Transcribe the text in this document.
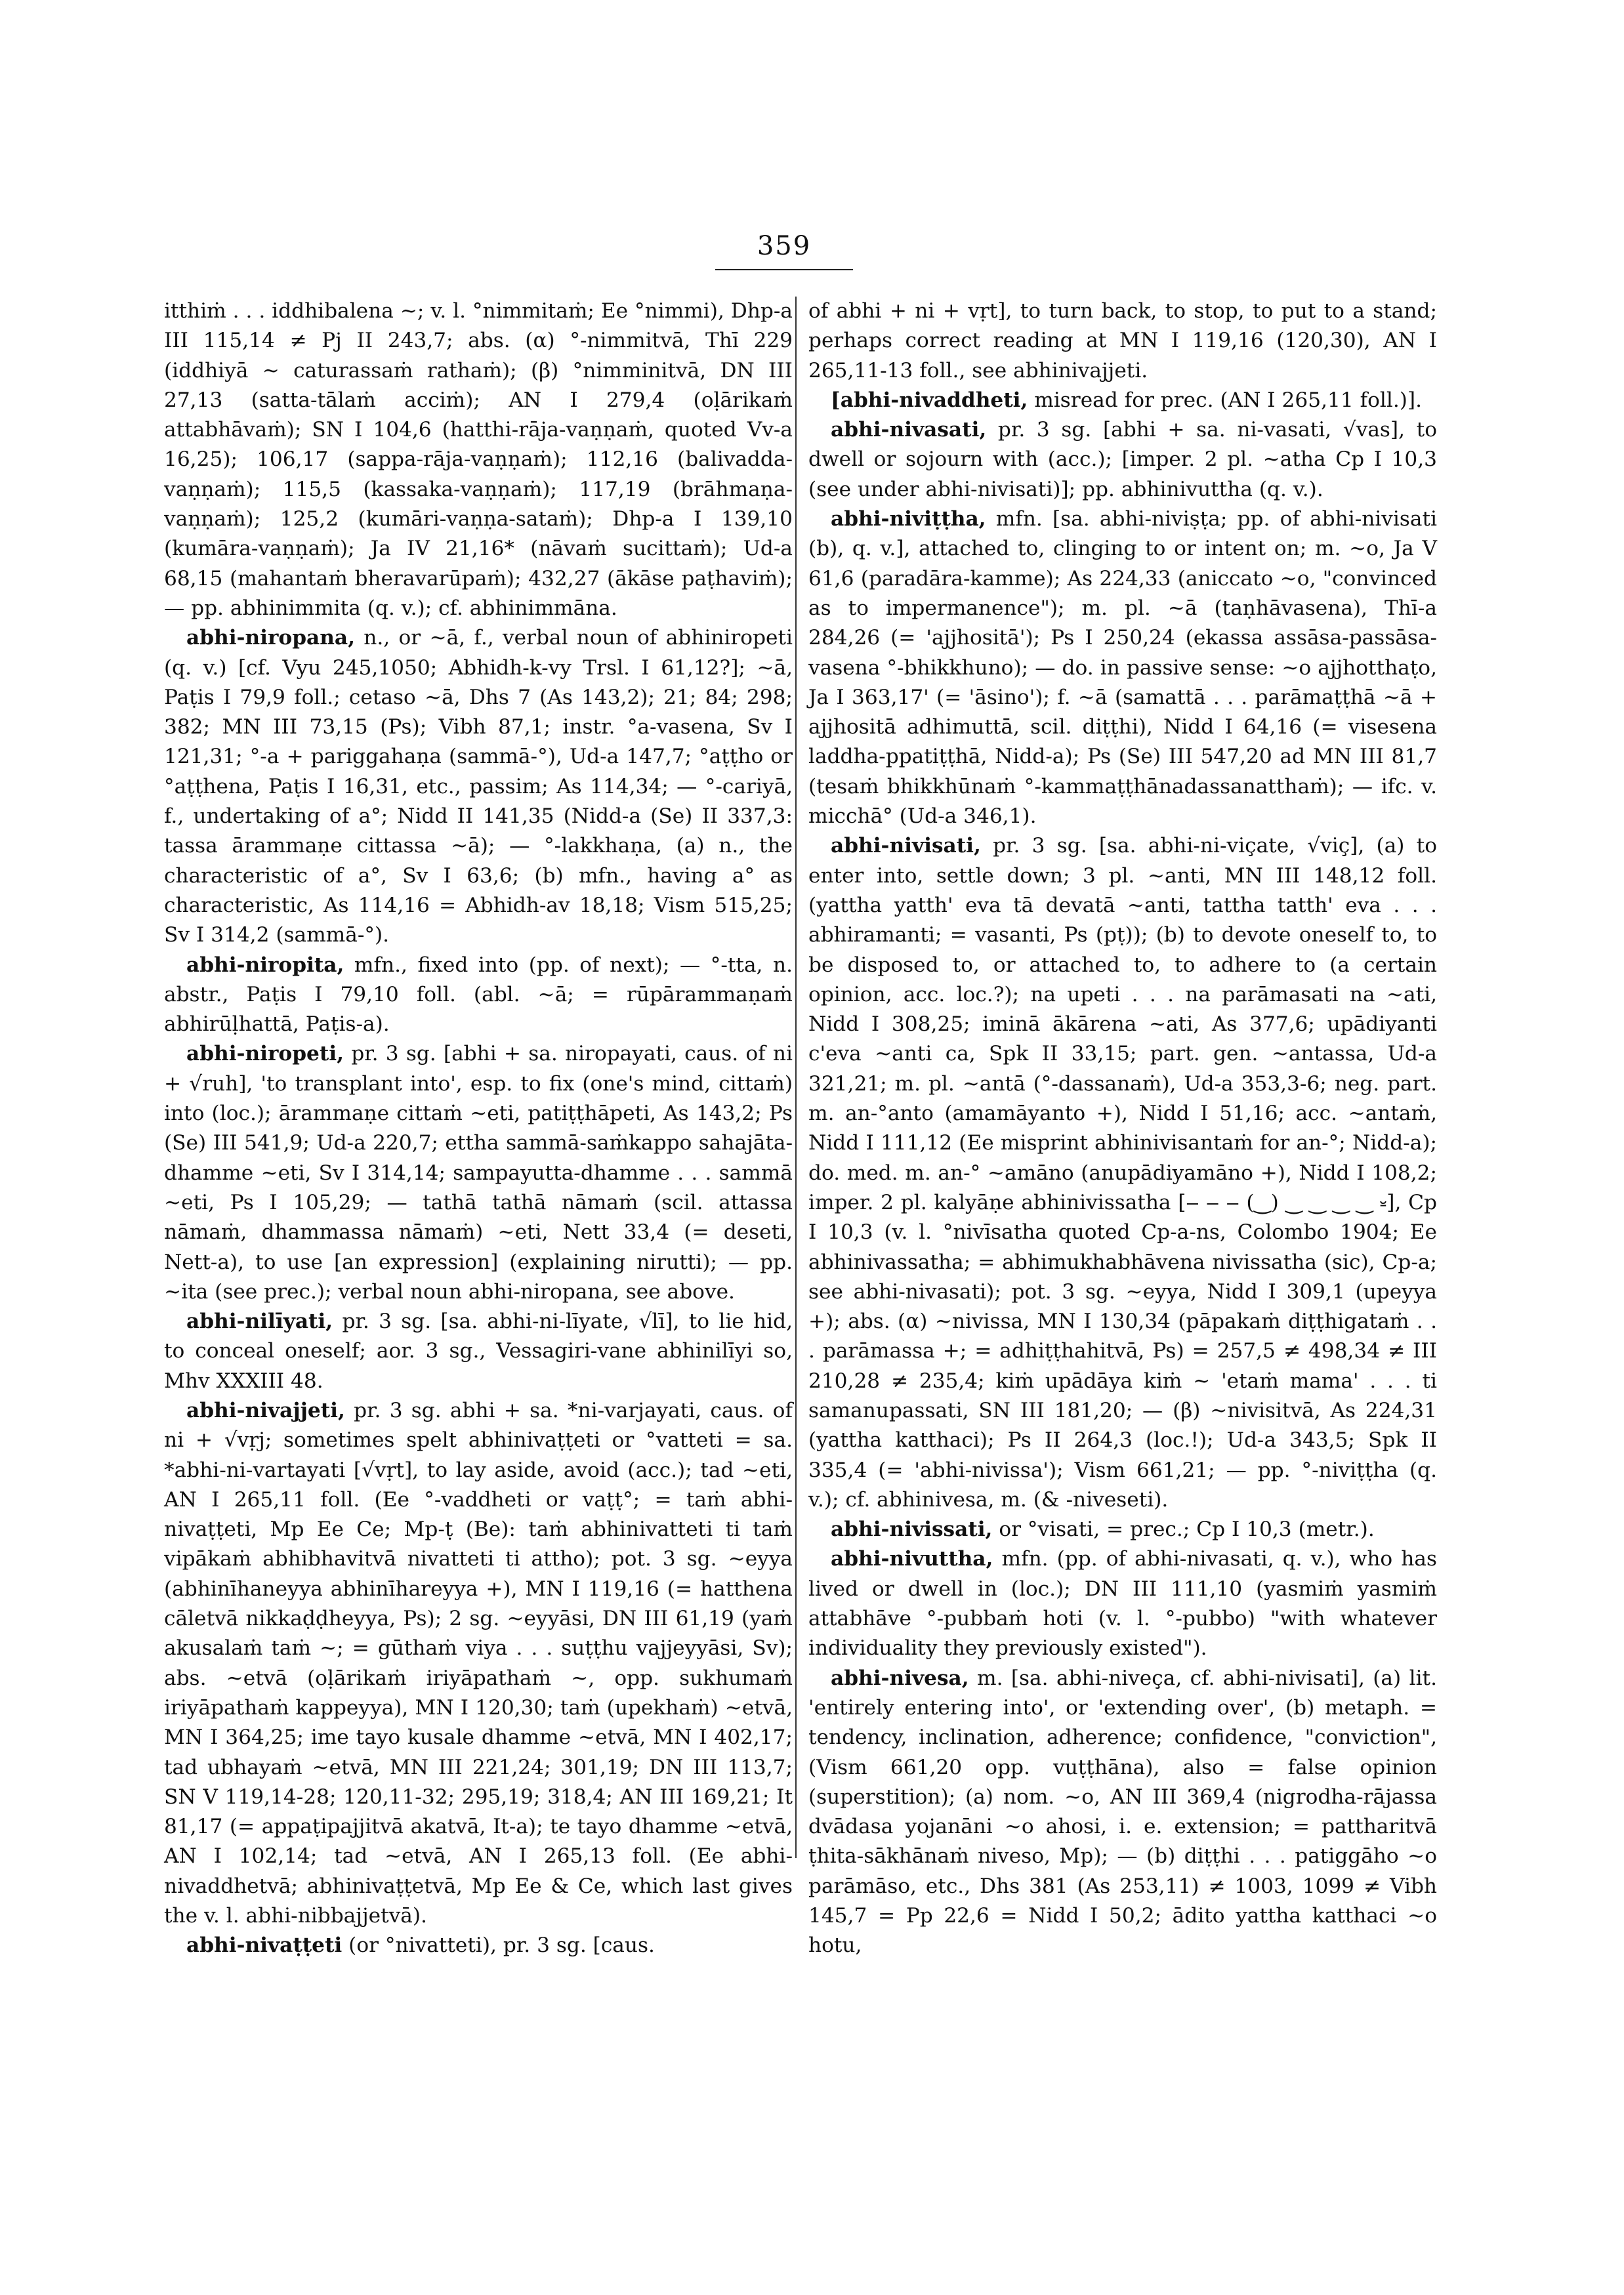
359

itthiṁ . . . iddhibalena ~; v. l. °nimmitaṁ; Ee °nimmi), Dhp-a III 115,14 ≠ Pj II 243,7; abs. (α) °-nimmitvā, Thī 229 (iddhiyā ~ caturassaṁ rathaṁ); (β) °nimminitvā, DN III 27,13 (satta-tālaṁ acciṁ); AN I 279,4 (oḷārikaṁ attabhāvaṁ); SN I 104,6 (hatthi-rāja-vaṇṇaṁ, quoted Vv-a 16,25); 106,17 (sappa-rāja-vaṇṇaṁ); 112,16 (balivadda-vaṇṇaṁ); 115,5 (kassaka-vaṇṇaṁ); 117,19 (brāhmaṇa-vaṇṇaṁ); 125,2 (kumāri-vaṇṇa-sataṁ); Dhp-a I 139,10 (kumāra-vaṇṇaṁ); Ja IV 21,16* (nāvaṁ sucittaṁ); Ud-a 68,15 (mahantaṁ bheravarūpaṁ); 432,27 (ākāse paṭhaviṁ); — pp. abhinimmita (q. v.); cf. abhinimmāna.

abhi-niropana, n., or ~ā, f., verbal noun of abhiniropeti (q. v.) [cf. Vyu 245,1050; Abhidh-k-vy Trsl. I 61,12?]; ~ā, Paṭis I 79,9 foll.; cetaso ~ā, Dhs 7 (As 143,2); 21; 84; 298; 382; MN III 73,15 (Ps); Vibh 87,1; instr. °a-vasena, Sv I 121,31; °-a + pariggahaṇa (sammā-°), Ud-a 147,7; °aṭṭho or °aṭṭhena, Paṭis I 16,31, etc., passim; As 114,34; — °-cariyā, f., undertaking of a°; Nidd II 141,35 (Nidd-a (Se) II 337,3: tassa ārammaṇe cittassa ~ā); — °-lakkhaṇa, (a) n., the characteristic of a°, Sv I 63,6; (b) mfn., having a° as characteristic, As 114,16 = Abhidh-av 18,18; Vism 515,25; Sv I 314,2 (sammā-°).

abhi-niropita, mfn., fixed into (pp. of next); — °-tta, n. abstr., Paṭis I 79,10 foll. (abl. ~ā; = rūpārammaṇaṁ abhirūḷhattā, Paṭis-a).

abhi-niropeti, pr. 3 sg. [abhi + sa. niropayati, caus. of ni + √ruh], 'to transplant into', esp. to fix (one's mind, cittaṁ) into (loc.); ārammaṇe cittaṁ ~eti, patiṭṭhāpeti, As 143,2; Ps (Se) III 541,9; Ud-a 220,7; ettha sammā-saṁkappo sahajāta-dhamme ~eti, Sv I 314,14; sampayutta-dhamme . . . sammā ~eti, Ps I 105,29; — tathā tathā nāmaṁ (scil. attassa nāmaṁ, dhammassa nāmaṁ) ~eti, Nett 33,4 (= deseti, Nett-a), to use [an expression] (explaining nirutti); — pp. ~ita (see prec.); verbal noun abhi-niropana, see above.

abhi-nilīyati, pr. 3 sg. [sa. abhi-ni-līyate, √lī], to lie hid, to conceal oneself; aor. 3 sg., Vessagiri-vane abhinilīyi so, Mhv XXXIII 48.

abhi-nivajjeti, pr. 3 sg. abhi + sa. *ni-varjayati, caus. of ni + √vṛj; sometimes spelt abhinivaṭṭeti or °vatteti = sa. *abhi-ni-vartayati [√vṛt], to lay aside, avoid (acc.); tad ~eti, AN I 265,11 foll. (Ee °-vaddheti or vaṭṭ°; = taṁ abhi-nivaṭṭeti, Mp Ee Ce; Mp-ṭ (Be): taṁ abhinivatteti ti taṁ vipākaṁ abhibhavitvā nivatteti ti attho); pot. 3 sg. ~eyya (abhinīhaneyya abhinīhareyya +), MN I 119,16 (= hatthena cāletvā nikkaḍḍheyya, Ps); 2 sg. ~eyyāsi, DN III 61,19 (yaṁ akusalaṁ taṁ ~; = gūthaṁ viya . . . suṭṭhu vajjeyyāsi, Sv); abs. ~etvā (oḷārikaṁ iriyāpathaṁ ~, opp. sukhumaṁ iriyāpathaṁ kappeyya), MN I 120,30; taṁ (upekhaṁ) ~etvā, MN I 364,25; ime tayo kusale dhamme ~etvā, MN I 402,17; tad ubhayaṁ ~etvā, MN III 221,24; 301,19; DN III 113,7; SN V 119,14-28; 120,11-32; 295,19; 318,4; AN III 169,21; It 81,17 (= appaṭipajjitvā akatvā, It-a); te tayo dhamme ~etvā, AN I 102,14; tad ~etvā, AN I 265,13 foll. (Ee abhi-nivaddhetvā; abhinivaṭṭetvā, Mp Ee & Ce, which last gives the v. l. abhi-nibbajjetvā).

abhi-nivaṭṭeti (or °nivatteti), pr. 3 sg. [caus.

of abhi + ni + vṛt], to turn back, to stop, to put to a stand; perhaps correct reading at MN I 119,16 (120,30), AN I 265,11-13 foll., see abhinivajjeti.

[abhi-nivaddheti, misread for prec. (AN I 265,11 foll.)].

abhi-nivasati, pr. 3 sg. [abhi + sa. ni-vasati, √vas], to dwell or sojourn with (acc.); [imper. 2 pl. ~atha Cp I 10,3 (see under abhi-nivisati)]; pp. abhinivuttha (q. v.).

abhi-niviṭṭha, mfn. [sa. abhi-niviṣṭa; pp. of abhi-nivisati (b), q. v.], attached to, clinging to or intent on; m. ~o, Ja V 61,6 (paradāra-kamme); As 224,33 (aniccato ~o, "convinced as to impermanence"); m. pl. ~ā (taṇhāvasena), Thī-a 284,26 (= 'ajjhositā'); Ps I 250,24 (ekassa assāsa-passāsa-vasena °-bhikkhuno); — do. in passive sense: ~o ajjhotthaṭo, Ja I 363,17' (= 'āsino'); f. ~ā (samattā . . . parāmaṭṭhā ~ā + ajjhositā adhimuttā, scil. diṭṭhi), Nidd I 64,16 (= visesena laddha-ppatiṭṭhā, Nidd-a); Ps (Se) III 547,20 ad MN III 81,7 (tesaṁ bhikkhūnaṁ °-kammaṭṭhānadassanatthaṁ); — ifc. v. micchā° (Ud-a 346,1).

abhi-nivisati, pr. 3 sg. [sa. abhi-ni-viçate, √viç], (a) to enter into, settle down; 3 pl. ~anti, MN III 148,12 foll. (yattha yatth' eva tā devatā ~anti, tattha tatth' eva . . . abhiramanti; = vasanti, Ps (pṭ)); (b) to devote oneself to, to be disposed to, or attached to, to adhere to (a certain opinion, acc. loc.?); na upeti . . . na parāmasati na ~ati, Nidd I 308,25; iminā ākārena ~ati, As 377,6; upādiyanti c'eva ~anti ca, Spk II 33,15; part. gen. ~antassa, Ud-a 321,21; m. pl. ~antā (°-dassanaṁ), Ud-a 353,3-6; neg. part. m. an-°anto (amamāyanto +), Nidd I 51,16; acc. ~antaṁ, Nidd I 111,12 (Ee misprint abhinivisantaṁ for an-°; Nidd-a); do. med. m. an-° ~amāno (anupādiyamāno +), Nidd I 108,2; imper. 2 pl. kalyāṇe abhinivissatha [‒ ‒ ‒ (‿) ‿ ‿ ‿ ‿ ⏓], Cp I 10,3 (v. l. °nivīsatha quoted Cp-a-ns, Colombo 1904; Ee abhinivassatha; = abhimukhabhāvena nivissatha (sic), Cp-a; see abhi-nivasati); pot. 3 sg. ~eyya, Nidd I 309,1 (upeyya +); abs. (α) ~nivissa, MN I 130,34 (pāpakaṁ diṭṭhigataṁ . . . parāmassa +; = adhiṭṭhahitvā, Ps) = 257,5 ≠ 498,34 ≠ III 210,28 ≠ 235,4; kiṁ upādāya kiṁ ~ 'etaṁ mama' . . . ti samanupassati, SN III 181,20; — (β) ~nivisitvā, As 224,31 (yattha katthaci); Ps II 264,3 (loc.!); Ud-a 343,5; Spk II 335,4 (= 'abhi-nivissa'); Vism 661,21; — pp. °-niviṭṭha (q. v.); cf. abhinivesa, m. (& -niveseti).

abhi-nivissati, or °visati, = prec.; Cp I 10,3 (metr.).

abhi-nivuttha, mfn. (pp. of abhi-nivasati, q. v.), who has lived or dwell in (loc.); DN III 111,10 (yasmiṁ yasmiṁ attabhāve °-pubbaṁ hoti (v. l. °-pubbo) "with whatever individuality they previously existed").

abhi-nivesa, m. [sa. abhi-niveça, cf. abhi-nivisati], (a) lit. 'entirely entering into', or 'extending over', (b) metaph. = tendency, inclination, adherence; confidence, "conviction", (Vism 661,20 opp. vuṭṭhāna), also = false opinion (superstition); (a) nom. ~o, AN III 369,4 (nigrodha-rājassa dvādasa yojanāni ~o ahosi, i. e. extension; = pattharitvā ṭhita-sākhānaṁ niveso, Mp); — (b) diṭṭhi . . . patiggāho ~o parāmāso, etc., Dhs 381 (As 253,11) ≠ 1003, 1099 ≠ Vibh 145,7 = Pp 22,6 = Nidd I 50,2; ādito yattha katthaci ~o hotu,
